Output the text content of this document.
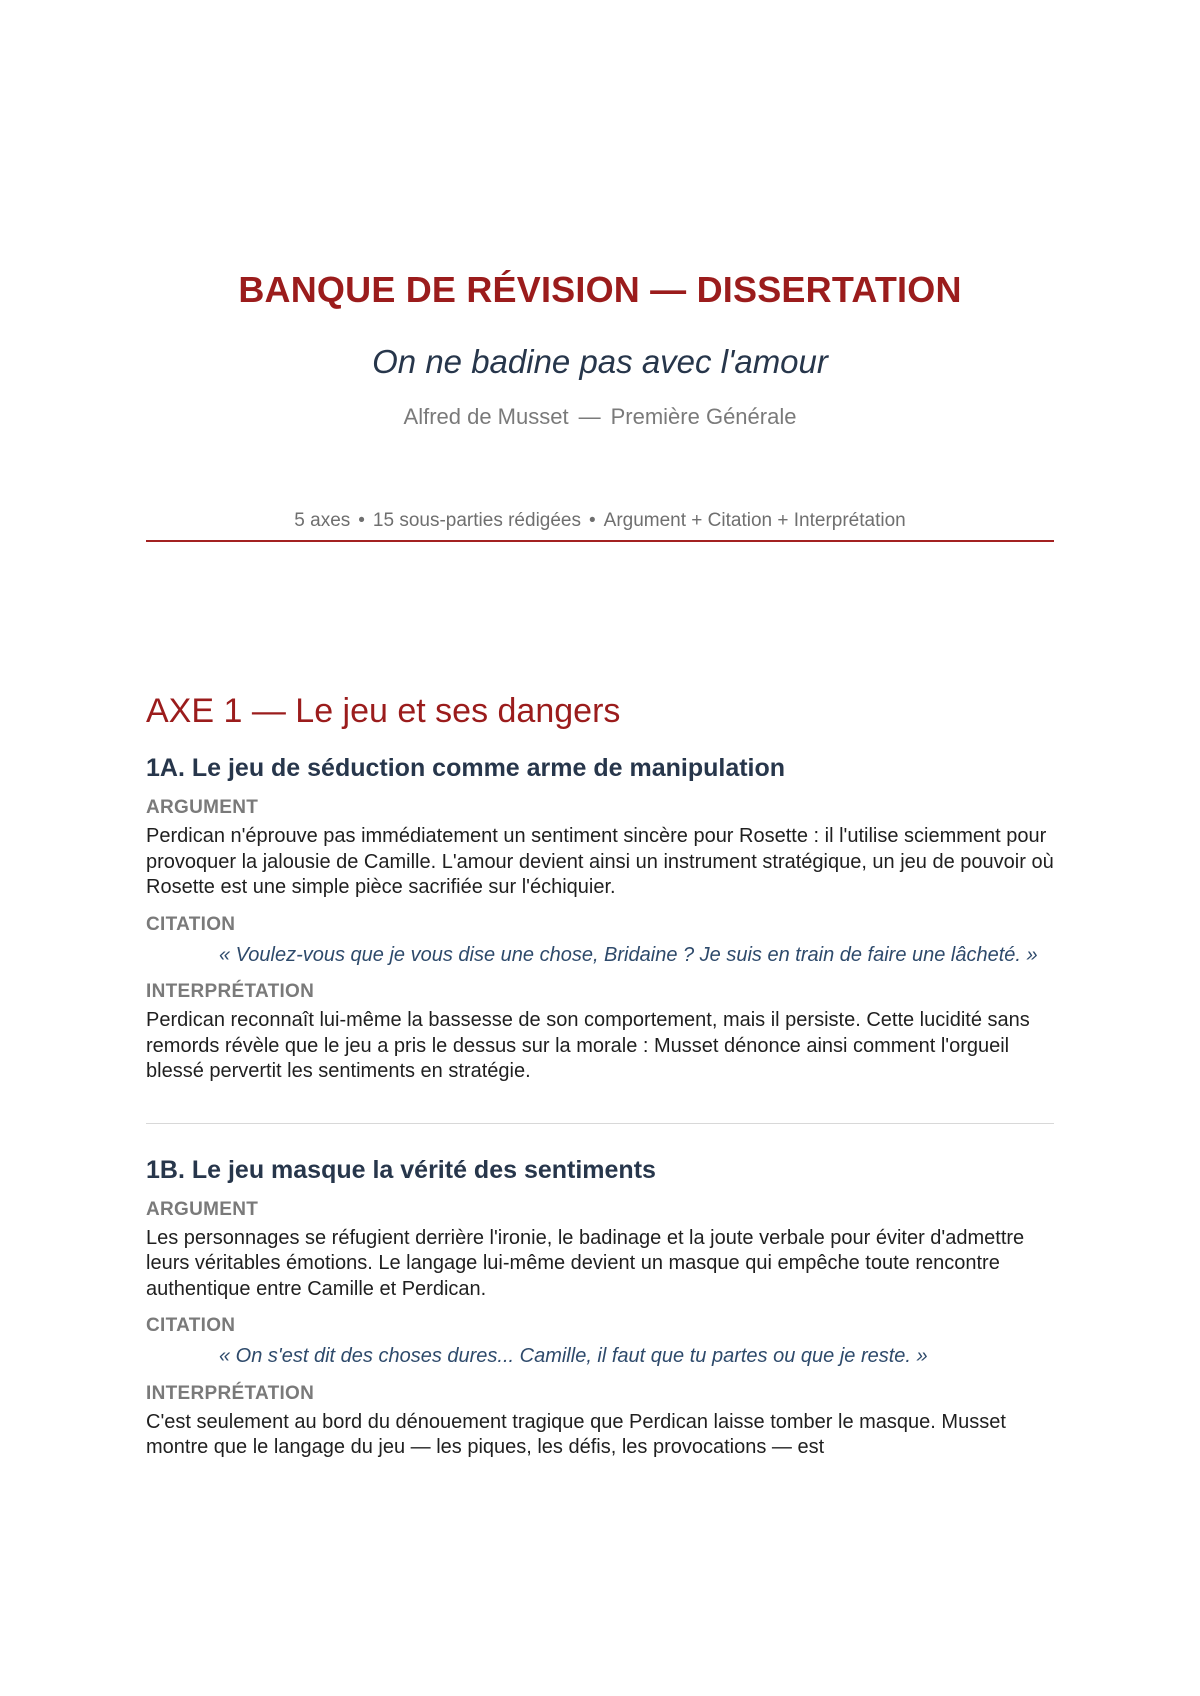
BANQUE DE RÉVISION — DISSERTATION
On ne badine pas avec l'amour
Alfred de Musset — Première Générale
5 axes • 15 sous-parties rédigées • Argument + Citation + Interprétation
AXE 1 — Le jeu et ses dangers
1A. Le jeu de séduction comme arme de manipulation
ARGUMENT

Perdican n'éprouve pas immédiatement un sentiment sincère pour Rosette : il l'utilise sciemment pour provoquer la jalousie de Camille. L'amour devient ainsi un instrument stratégique, un jeu de pouvoir où Rosette est une simple pièce sacrifiée sur l'échiquier.

CITATION

« Voulez-vous que je vous dise une chose, Bridaine ? Je suis en train de faire une lâcheté. »

INTERPRÉTATION

Perdican reconnaît lui-même la bassesse de son comportement, mais il persiste. Cette lucidité sans remords révèle que le jeu a pris le dessus sur la morale : Musset dénonce ainsi comment l'orgueil blessé pervertit les sentiments en stratégie.

1B. Le jeu masque la vérité des sentiments
ARGUMENT

Les personnages se réfugient derrière l'ironie, le badinage et la joute verbale pour éviter d'admettre leurs véritables émotions. Le langage lui-même devient un masque qui empêche toute rencontre authentique entre Camille et Perdican.

CITATION

« On s'est dit des choses dures... Camille, il faut que tu partes ou que je reste. »

INTERPRÉTATION

C'est seulement au bord du dénouement tragique que Perdican laisse tomber le masque. Musset montre que le langage du jeu — les piques, les défis, les provocations — est
